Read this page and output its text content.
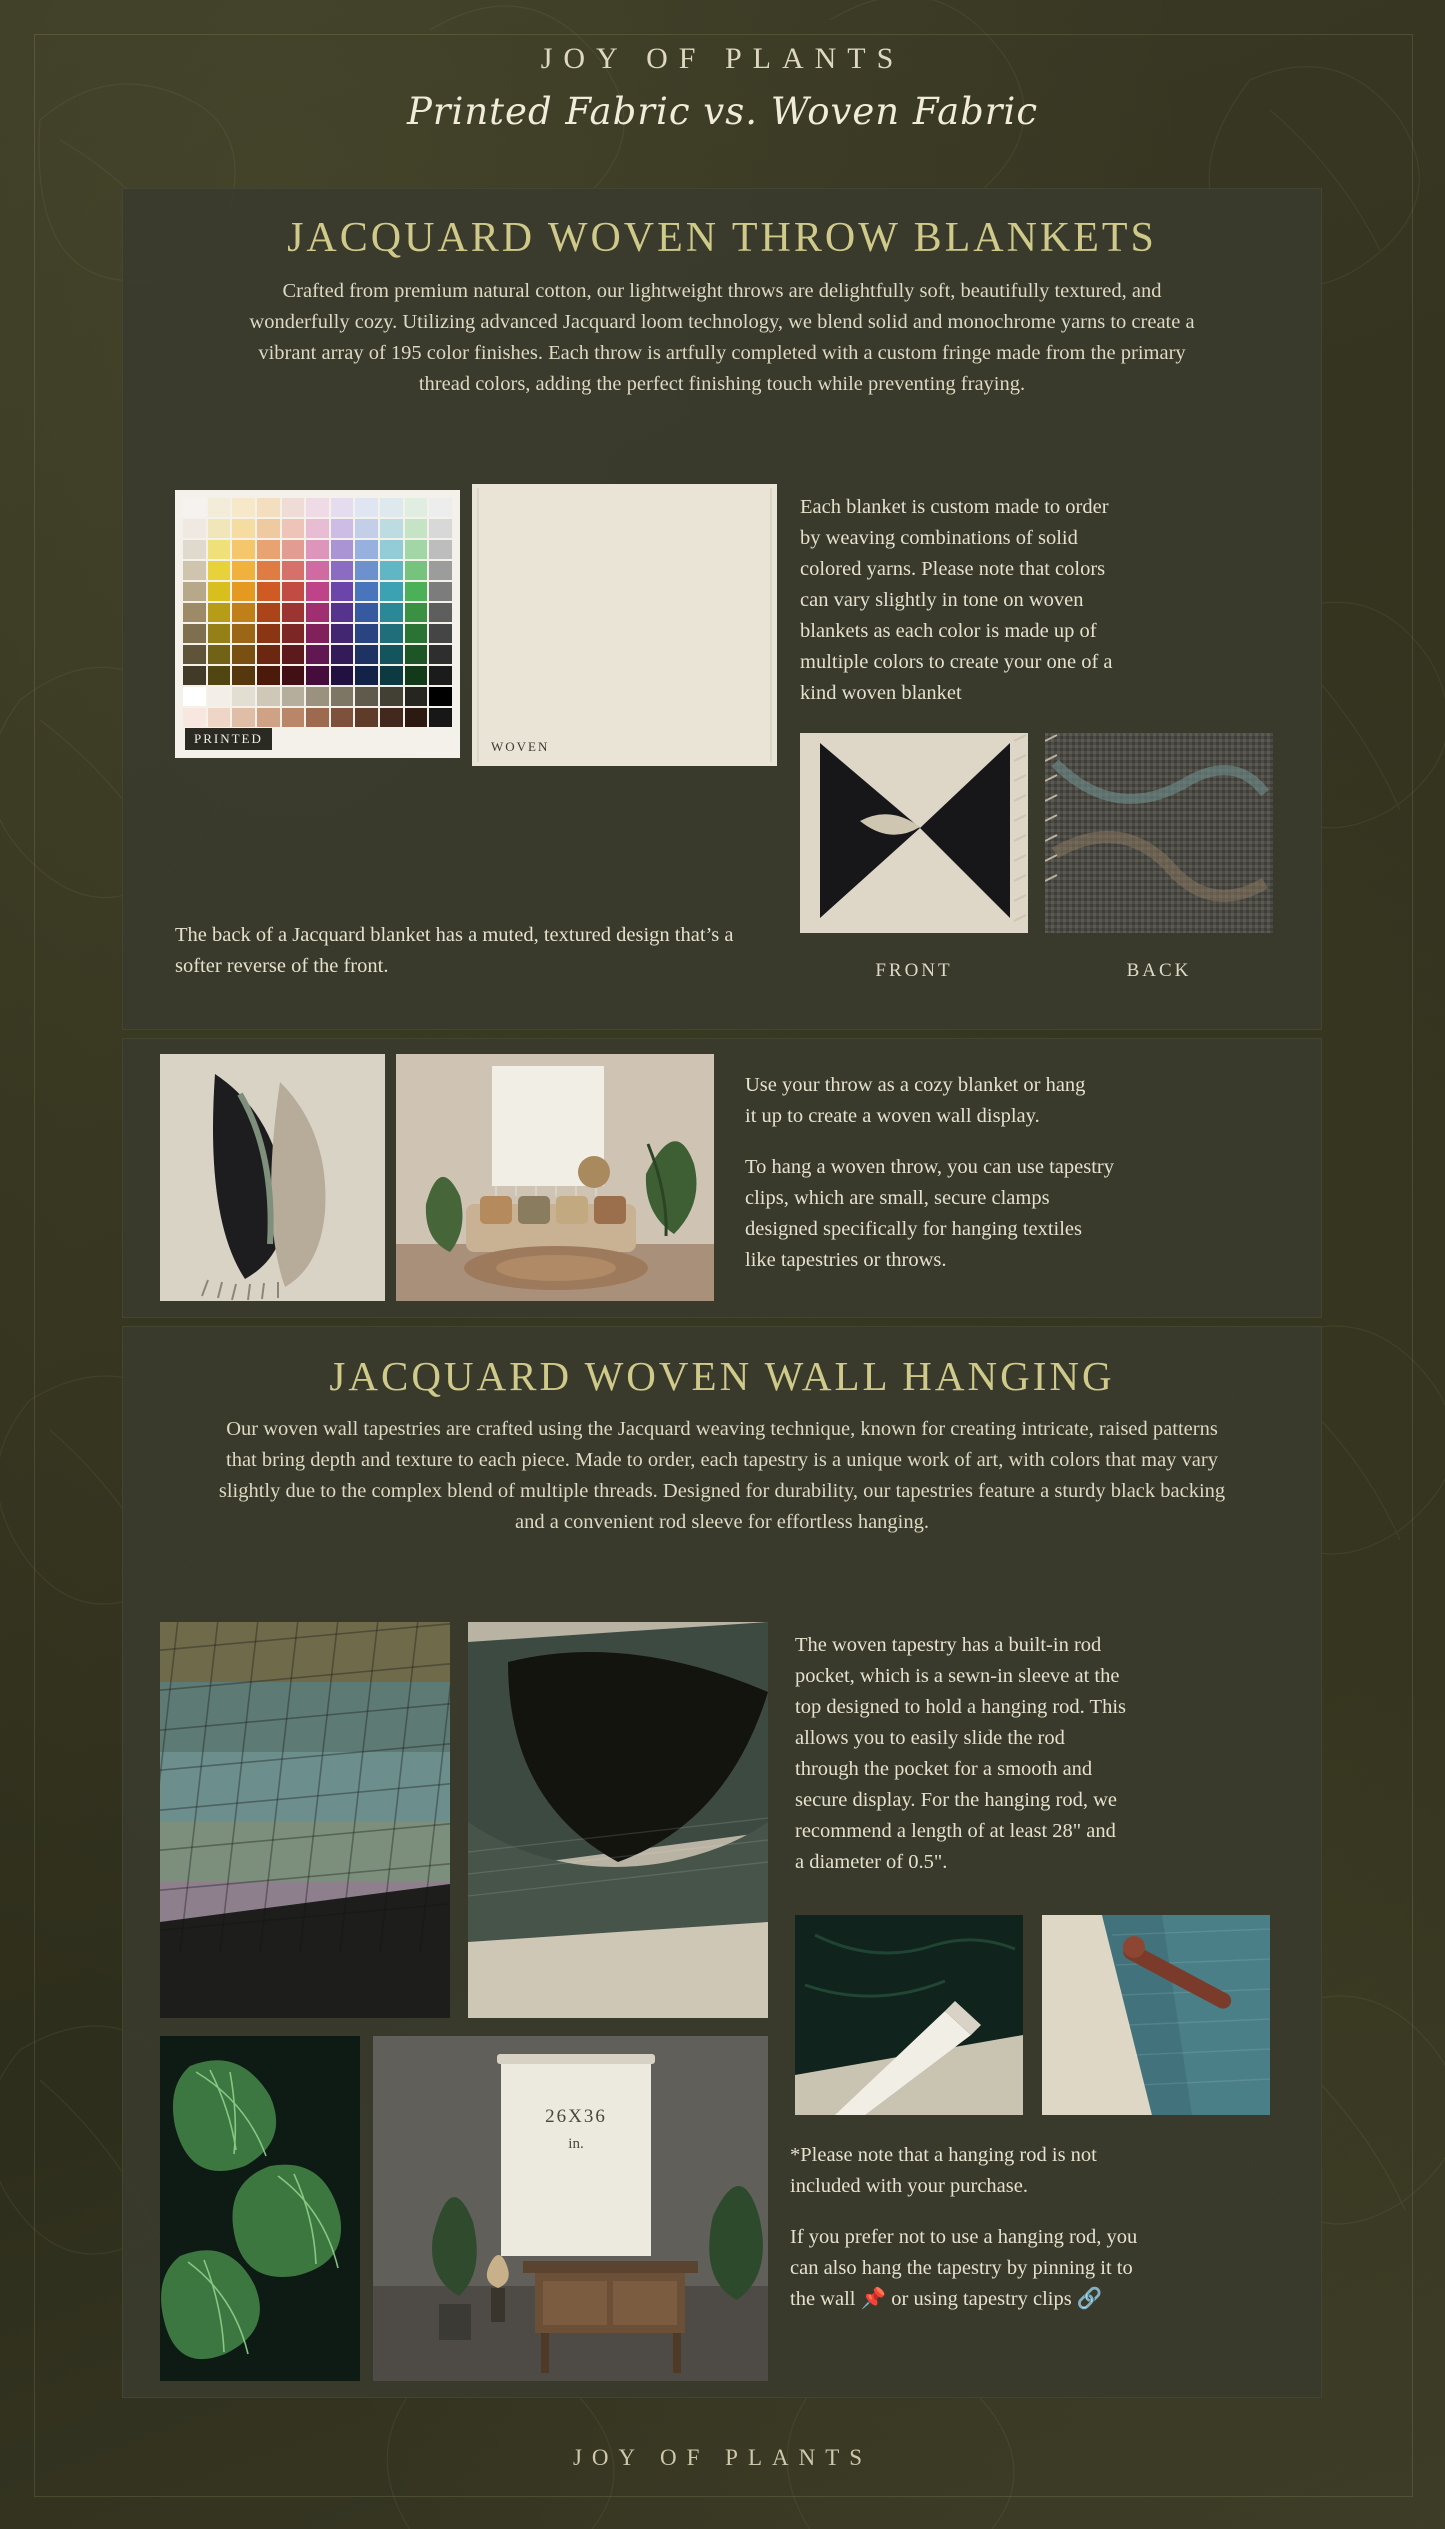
JOY OF PLANTS
Printed Fabric vs. Woven Fabric
JACQUARD WOVEN THROW BLANKETS
Crafted from premium natural cotton, our lightweight throws are delightfully soft, beautifully textured, and wonderfully cozy. Utilizing advanced Jacquard loom technology, we blend solid and monochrome yarns to create a vibrant array of 195 color finishes. Each throw is artfully completed with a custom fringe made from the primary thread colors, adding the perfect finishing touch while preventing fraying.
PRINTED
WOVEN
Each blanket is custom made to order by weaving combinations of solid colored yarns. Please note that colors can vary slightly in tone on woven blankets as each color is made up of multiple colors to create your one of a kind woven blanket
FRONT	BACK
The back of a Jacquard blanket has a muted, textured design that’s a softer reverse of the front.
Use your throw as a cozy blanket or hang it up to create a woven wall display.
To hang a woven throw, you can use tapestry clips, which are small, secure clamps designed specifically for hanging textiles like tapestries or throws.
JACQUARD WOVEN WALL HANGING
Our woven wall tapestries are crafted using the Jacquard weaving technique, known for creating intricate, raised patterns that bring depth and texture to each piece. Made to order, each tapestry is a unique work of art, with colors that may vary slightly due to the complex blend of multiple threads. Designed for durability, our tapestries feature a sturdy black backing and a convenient rod sleeve for effortless hanging.
The woven tapestry has a built-in rod pocket, which is a sewn-in sleeve at the top designed to hold a hanging rod. This allows you to easily slide the rod through the pocket for a smooth and secure display. For the hanging rod, we recommend a length of at least 28" and a diameter of 0.5".
26X36
in.	*Please note that a hanging rod is not included with your purchase.
If you prefer not to use a hanging rod, you can also hang the tapestry by pinning it to the wall 📌 or using tapestry clips 🔗
JOY OF PLANTS
